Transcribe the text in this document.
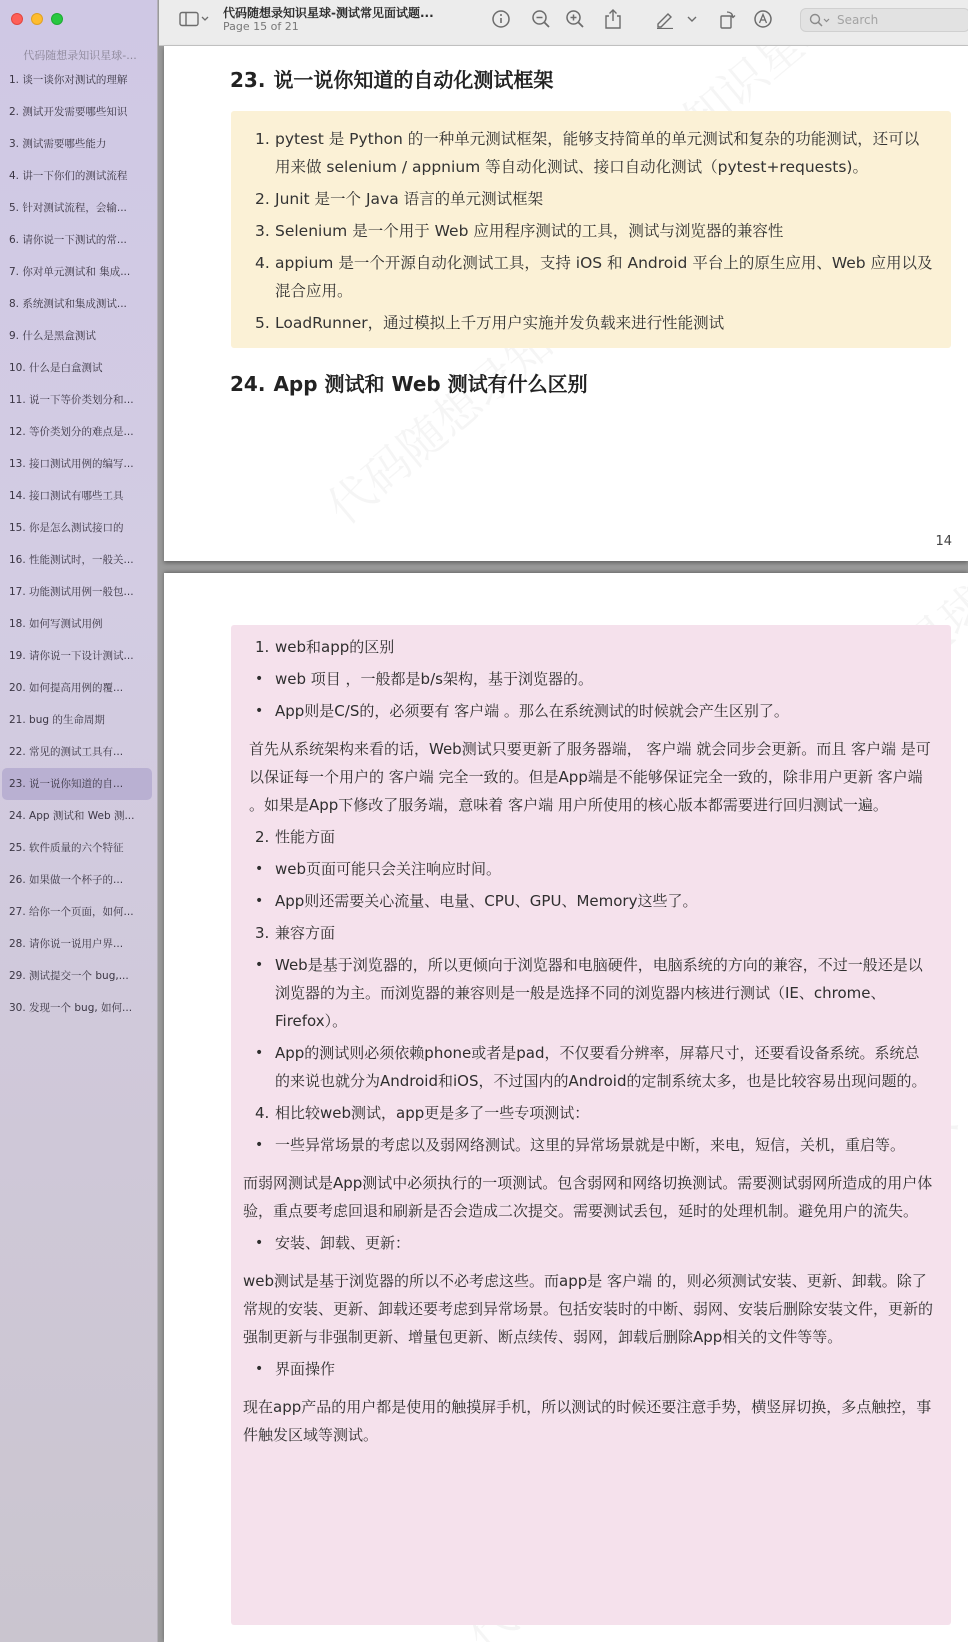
代码随想录知识星球-...
1. 谈一谈你对测试的理解
2. 测试开发需要哪些知识
3. 测试需要哪些能力
4. 讲一下你们的测试流程
5. 针对测试流程，会输...
6. 请你说一下测试的常...
7. 你对单元测试和 集成...
8. 系统测试和集成测试...
9. 什么是黑盒测试
10. 什么是白盒测试
11. 说一下等价类划分和...
12. 等价类划分的难点是...
13. 接口测试用例的编写...
14. 接口测试有哪些工具
15. 你是怎么测试接口的
16. 性能测试时，一般关...
17. 功能测试用例一般包...
18. 如何写测试用例
19. 请你说一下设计测试...
20. 如何提高用例的覆...
21. bug 的生命周期
22. 常见的测试工具有...
23. 说一说你知道的自...
24. App 测试和 Web 测...
25. 软件质量的六个特征
26. 如果做一个杯子的...
27. 给你一个页面，如何...
28. 请你说一说用户界...
29. 测试提交一个 bug,...
30. 发现一个 bug, 如何...
代码随想录知识星球-测试常见面试题...
Page 15 of 21	Search
23. 说一说你知道的自动化测试框架
1. pytest 是 Python 的一种单元测试框架，能够支持简单的单元测试和复杂的功能测试，还可以用来做 selenium / appnium 等自动化测试、接口自动化测试（pytest+requests)。
2. Junit 是一个 Java 语言的单元测试框架
3. Selenium 是一个用于 Web 应用程序测试的工具，测试与浏览器的兼容性
4. appium 是一个开源自动化测试工具，支持 iOS 和 Android 平台上的原生应用、Web 应用以及混合应用。
5. LoadRunner，通过模拟上千万用户实施并发负载来进行性能测试
24. App 测试和 Web 测试有什么区别
14
1. web和app的区别
• web 项目 ，一般都是b/s架构，基于浏览器的。
• App则是C/S的，必须要有 客户端 。那么在系统测试的时候就会产生区别了。
首先从系统架构来看的话，Web测试只要更新了服务器端， 客户端 就会同步会更新。而且 客户端 是可以保证每一个用户的 客户端 完全一致的。但是App端是不能够保证完全一致的，除非用户更新 客户端 。如果是App下修改了服务端，意味着 客户端 用户所使用的核心版本都需要进行回归测试一遍。
2. 性能方面
• web页面可能只会关注响应时间。
• App则还需要关心流量、电量、CPU、GPU、Memory这些了。
3. 兼容方面
• Web是基于浏览器的，所以更倾向于浏览器和电脑硬件，电脑系统的方向的兼容，不过一般还是以浏览器的为主。而浏览器的兼容则是一般是选择不同的浏览器内核进行测试（IE、chrome、Firefox）。
• App的测试则必须依赖phone或者是pad，不仅要看分辨率，屏幕尺寸，还要看设备系统。系统总的来说也就分为Android和iOS，不过国内的Android的定制系统太多，也是比较容易出现问题的。
4. 相比较web测试，app更是多了一些专项测试：
• 一些异常场景的考虑以及弱网络测试。这里的异常场景就是中断，来电，短信，关机，重启等。
而弱网测试是App测试中必须执行的一项测试。包含弱网和网络切换测试。需要测试弱网所造成的用户体验，重点要考虑回退和刷新是否会造成二次提交。需要测试丢包，延时的处理机制。避免用户的流失。
• 安装、卸载、更新：
web测试是基于浏览器的所以不必考虑这些。而app是 客户端 的，则必须测试安装、更新、卸载。除了常规的安装、更新、卸载还要考虑到异常场景。包括安装时的中断、弱网、安装后删除安装文件，更新的强制更新与非强制更新、增量包更新、断点续传、弱网，卸载后删除App相关的文件等等。
• 界面操作
现在app产品的用户都是使用的触摸屏手机，所以测试的时候还要注意手势，横竖屏切换，多点触控，事件触发区域等测试。
